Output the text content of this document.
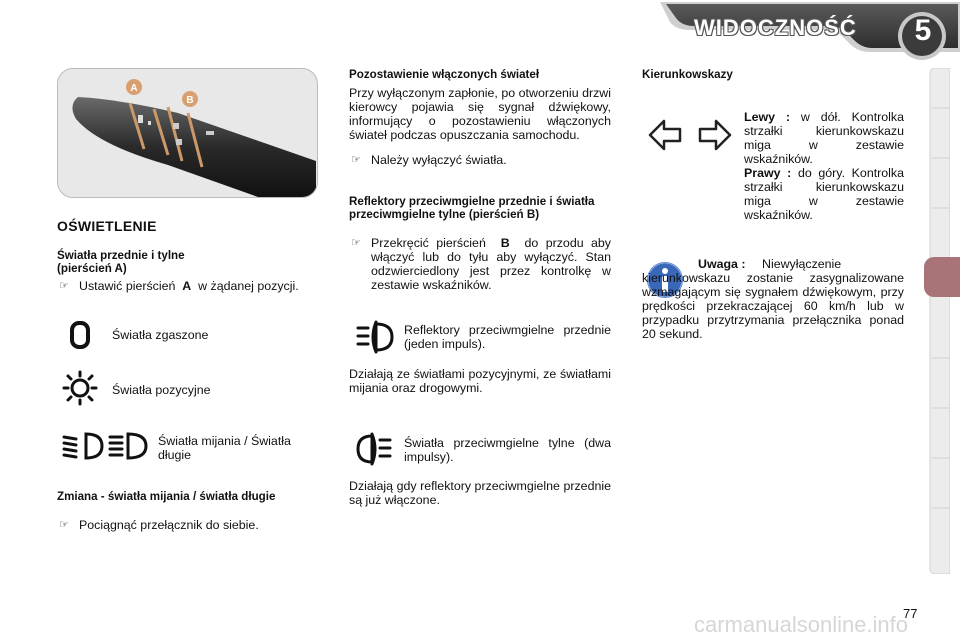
WIDOCZNOŚĆ	5
A
B
OŚWIETLENIE
Światła przednie i tylne (pierścień A)
☞ Ustawić pierścień A w żądanej pozycji.
Światła zgaszone
Światła pozycyjne
Światła mijania / Światła długie
Zmiana - światła mijania / światła długie
☞ Pociągnąć przełącznik do siebie.
Pozostawienie włączonych świateł
Przy wyłączonym zapłonie, po otworzeniu drzwi kierowcy pojawia się sygnał dźwiękowy, informujący o pozostawieniu włączonych świateł podczas opuszczania samochodu.
☞ Należy wyłączyć światła.
Reflektory przeciwmgielne przednie i światła przeciwmgielne tylne (pierścień B)
☞ Przekręcić pierścień B do przodu aby włączyć lub do tyłu aby wyłączyć. Stan odzwierciedlony jest przez kontrolkę w zestawie wskaźników.
Reflektory przeciwmgielne przednie (jeden impuls).
Działają ze światłami pozycyjnymi, ze światłami mijania oraz drogowymi.
Światła przeciwmgielne tylne (dwa impulsy).
Działają gdy reflektory przeciwmgielne przednie są już włączone.
Kierunkowskazy
Lewy : w dół. Kontrolka strzałki kierunkowskazu miga w zestawie wskaźników.
Prawy : do góry. Kontrolka strzałki kierunkowskazu miga w zestawie wskaźników.
Uwaga :	Niewyłączenie kierunkowskazu zostanie zasygnalizowane wzmagającym się sygnałem dźwiękowym, przy prędkości przekraczającej 60 km/h lub w przypadku przytrzymania przełącznika ponad 20 sekund.
77
carmanualsonline.info
